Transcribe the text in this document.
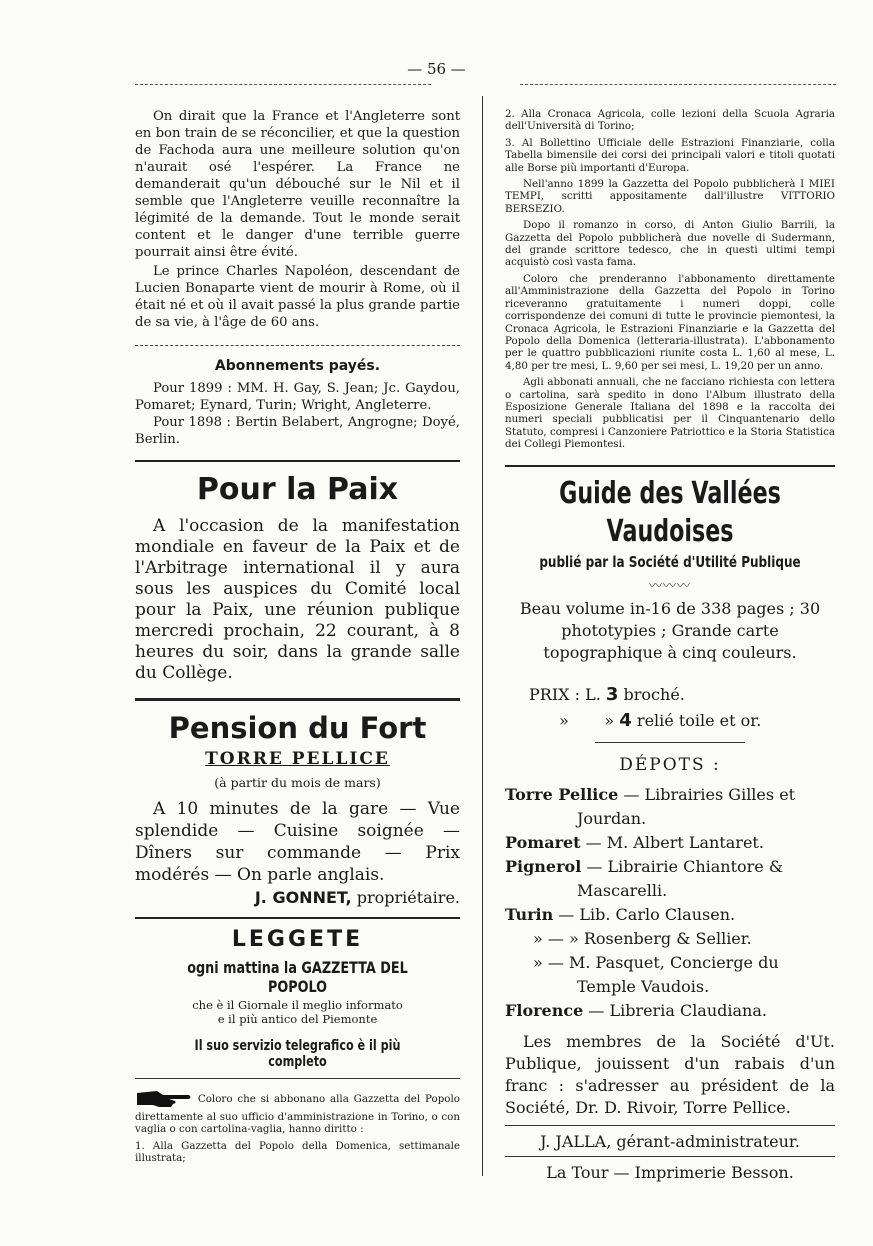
— 56 —

On dirait que la France et l'Angleterre sont en bon train de se réconcilier, et que la question de Fachoda aura une meilleure solution qu'on n'aurait osé l'espérer. La France ne demanderait qu'un débouché sur le Nil et il semble que l'Angleterre veuille reconnaître la légimité de la demande. Tout le monde serait content et le danger d'une terrible guerre pourrait ainsi être évité.

Le prince Charles Napoléon, descendant de Lucien Bonaparte vient de mourir à Rome, où il était né et où il avait passé la plus grande partie de sa vie, à l'âge de 60 ans.

Abonnements payés.

Pour 1899 : MM. H. Gay, S. Jean; Jc. Gaydou, Pomaret; Eynard, Turin; Wright, Angleterre.

Pour 1898 : Bertin Belabert, Angrogne; Doyé, Berlin.

Pour la Paix

A l'occasion de la manifestation mondiale en faveur de la Paix et de l'Arbitrage international il y aura sous les auspices du Comité local pour la Paix, une réunion publique mercredi prochain, 22 courant, à 8 heures du soir, dans la grande salle du Collège.

Pension du Fort

TORRE PELLICE

(à partir du mois de mars)

A 10 minutes de la gare — Vue splendide — Cuisine soignée — Dîners sur commande — Prix modérés — On parle anglais.

J. GONNET, propriétaire.

LEGGETE

ogni mattina la GAZZETTA DEL POPOLO

che è il Giornale il meglio informato

e il più antico del Piemonte

Il suo servizio telegrafico è il più completo

Coloro che si abbonano alla Gazzetta del Popolo direttamente al suo ufficio d'amministrazione in Torino, o con vaglia o con cartolina-vaglia, hanno diritto :

1. Alla Gazzetta del Popolo della Domenica, settimanale illustrata;

2. Alla Cronaca Agricola, colle lezioni della Scuola Agraria dell'Università di Torino;

3. Al Bollettino Ufficiale delle Estrazioni Finanziarie, colla Tabella bimensile dei corsi dei principali valori e titoli quotati alle Borse più importanti d'Europa.

Nell'anno 1899 la Gazzetta del Popolo pubblicherà I MIEI TEMPI, scritti appositamente dall'illustre VITTORIO BERSEZIO.

Dopo il romanzo in corso, di Anton Giulio Barrili, la Gazzetta del Popolo pubblicherà due novelle di Sudermann, del grande scrittore tedesco, che in questi ultimi tempi acquistò così vasta fama.

Coloro che prenderanno l'abbonamento direttamente all'Amministrazione della Gazzetta del Popolo in Torino riceveranno gratuitamente i numeri doppi, colle corrispondenze dei comuni di tutte le provincie piemontesi, la Cronaca Agricola, le Estrazioni Finanziarie e la Gazzetta del Popolo della Domenica (letteraria-illustrata). L'abbonamento per le quattro pubblicazioni riunite costa L. 1,60 al mese, L. 4,80 per tre mesi, L. 9,60 per sei mesi, L. 19,20 per un anno.

Agli abbonati annuali, che ne facciano richiesta con lettera o cartolina, sarà spedito in dono l'Album illustrato della Esposizione Generale Italiana del 1898 e la raccolta dei numeri speciali pubblicatisi per il Cinquantenario dello Statuto, compresi i Canzoniere Patriottico e la Storia Statistica dei Collegi Piemontesi.

Guide des Vallées Vaudoises
publié par la Société d'Utilité Publique

〰〰〰

Beau volume in-16 de 338 pages ; 30 phototypies ; Grande carte topographique à cinq couleurs.

PRIX : L. 3 broché.
» » 4 relié toile et or.

DÉPOTS :

Torre Pellice — Librairies Gilles et Jourdan.

Pomaret — M. Albert Lantaret.

Pignerol — Librairie Chiantore & Mascarelli.

Turin — Lib. Carlo Clausen.

» — » Rosenberg & Sellier.

» — M. Pasquet, Concierge du Temple Vaudois.

Florence — Libreria Claudiana.

Les membres de la Société d'Ut. Publique, jouissent d'un rabais d'un franc : s'adresser au président de la Société, Dr. D. Rivoir, Torre Pellice.

J. JALLA, gérant-administrateur.

La Tour — Imprimerie Besson.
